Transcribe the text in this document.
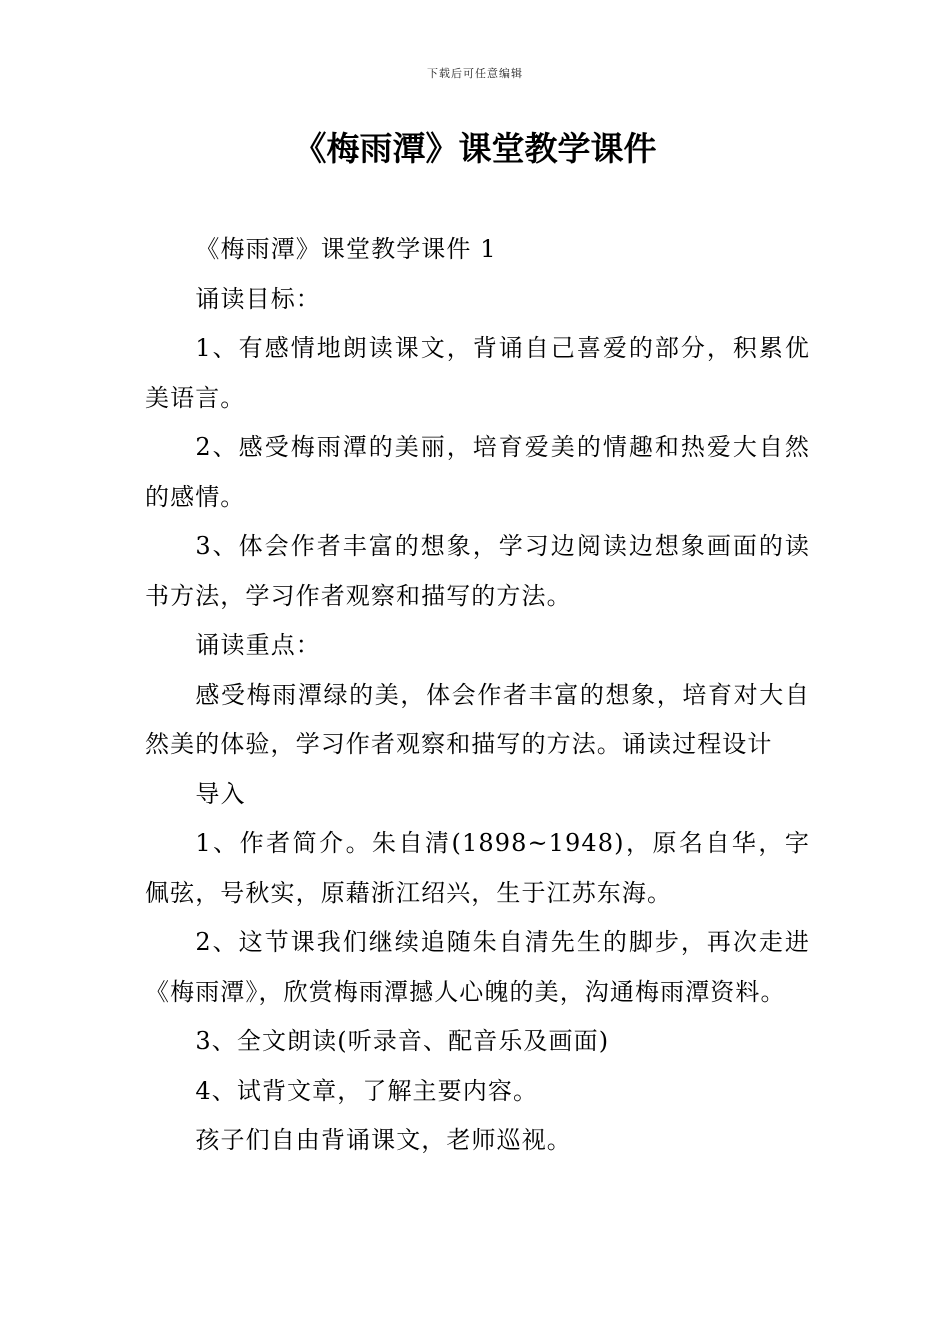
下载后可任意编辑
《梅雨潭》课堂教学课件

《梅雨潭》课堂教学课件 1

诵读目标：

1、有感情地朗读课文，背诵自己喜爱的部分，积累优美语言。

2、感受梅雨潭的美丽，培育爱美的情趣和热爱大自然的感情。

3、体会作者丰富的想象，学习边阅读边想象画面的读书方法，学习作者观察和描写的方法。

诵读重点：

感受梅雨潭绿的美，体会作者丰富的想象，培育对大自然美的体验，学习作者观察和描写的方法。诵读过程设计

导入

1、作者简介。朱自清(1898~1948)，原名自华，字佩弦，号秋实，原藉浙江绍兴，生于江苏东海。

2、这节课我们继续追随朱自清先生的脚步，再次走进《梅雨潭》，欣赏梅雨潭撼人心魄的美，沟通梅雨潭资料。

3、全文朗读(听录音、配音乐及画面)

4、试背文章，了解主要内容。

孩子们自由背诵课文，老师巡视。
